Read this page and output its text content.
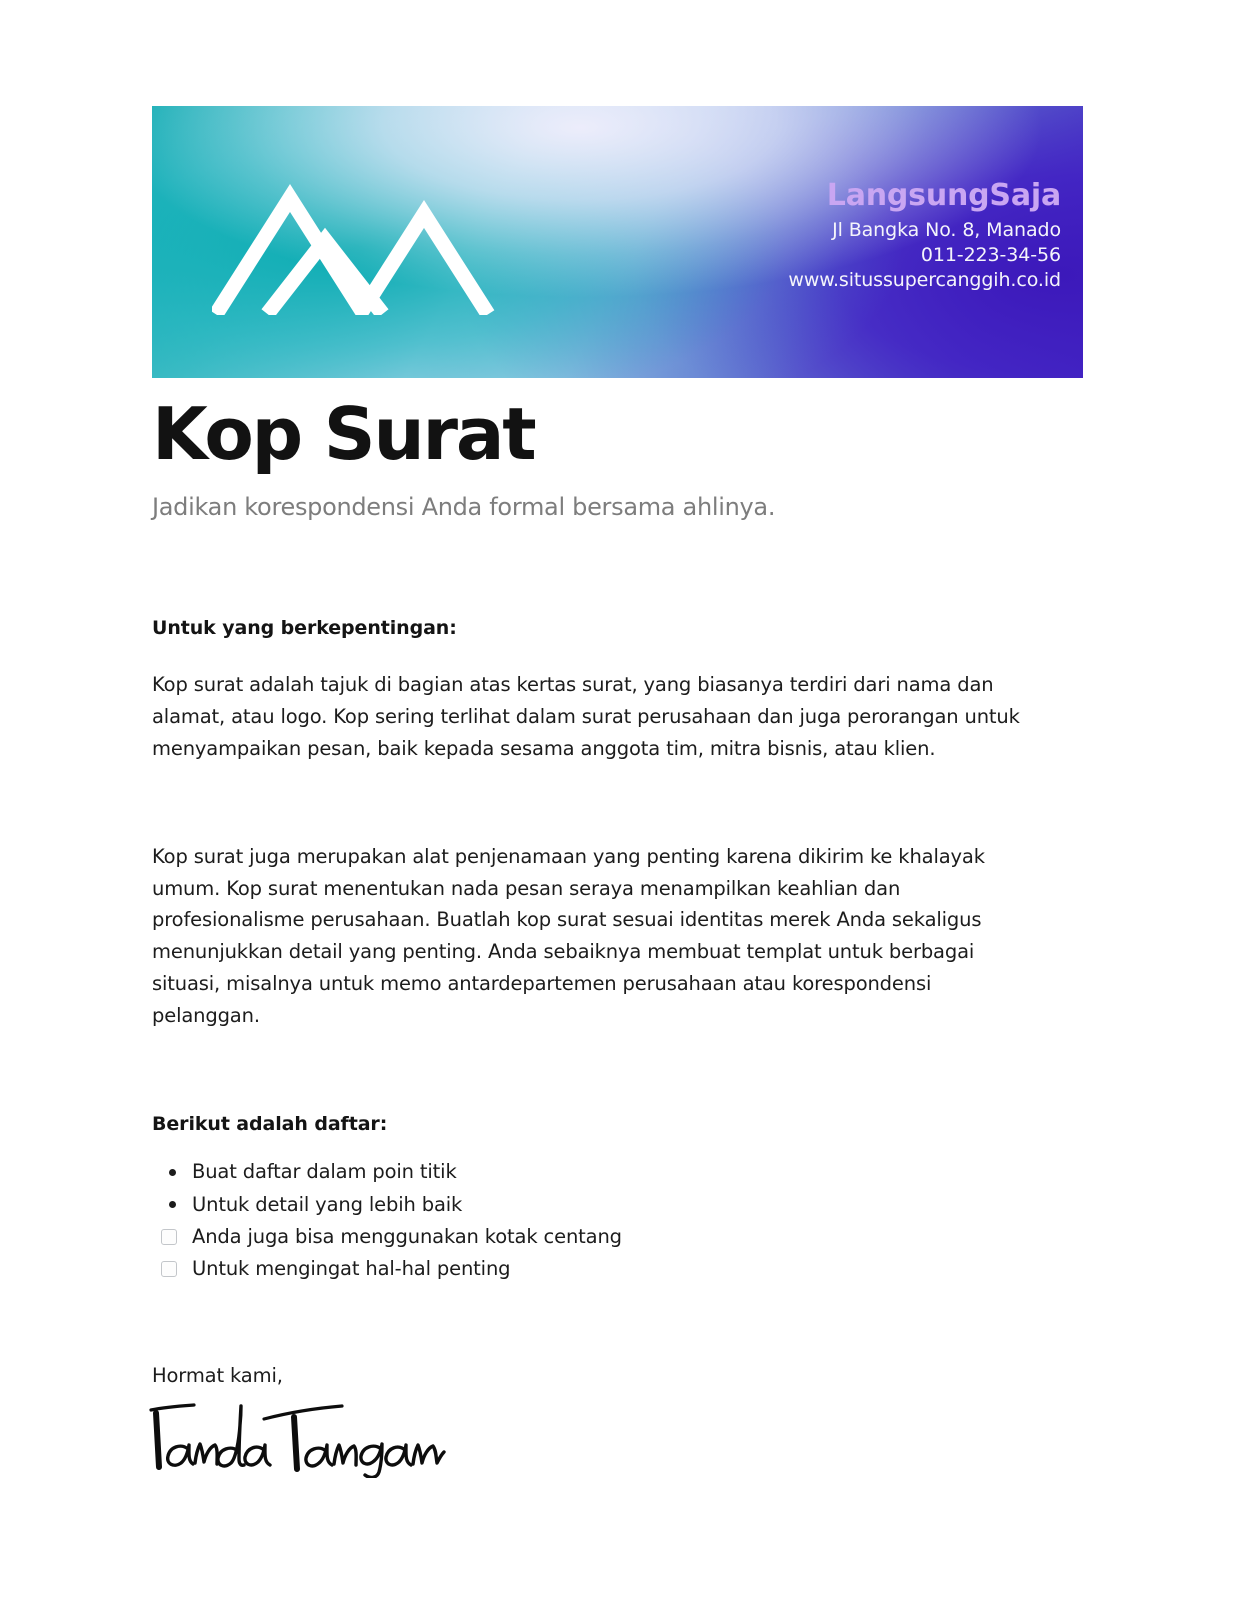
LangsungSaja
Jl Bangka No. 8, Manado
011-223-34-56
www.situssupercanggih.co.id
Kop Surat

Jadikan korespondensi Anda formal bersama ahlinya.

Untuk yang berkepentingan:

Kop surat adalah tajuk di bagian atas kertas surat, yang biasanya terdiri dari nama dan alamat, atau logo. Kop sering terlihat dalam surat perusahaan dan juga perorangan untuk menyampaikan pesan, baik kepada sesama anggota tim, mitra bisnis, atau klien.

Kop surat juga merupakan alat penjenamaan yang penting karena dikirim ke khalayak umum. Kop surat menentukan nada pesan seraya menampilkan keahlian dan profesionalisme perusahaan. Buatlah kop surat sesuai identitas merek Anda sekaligus menunjukkan detail yang penting. Anda sebaiknya membuat templat untuk berbagai situasi, misalnya untuk memo antardepartemen perusahaan atau korespondensi pelanggan.

Berikut adalah daftar:

Buat daftar dalam poin titik
Untuk detail yang lebih baik
Anda juga bisa menggunakan kotak centang
Untuk mengingat hal-hal penting

Hormat kami,
